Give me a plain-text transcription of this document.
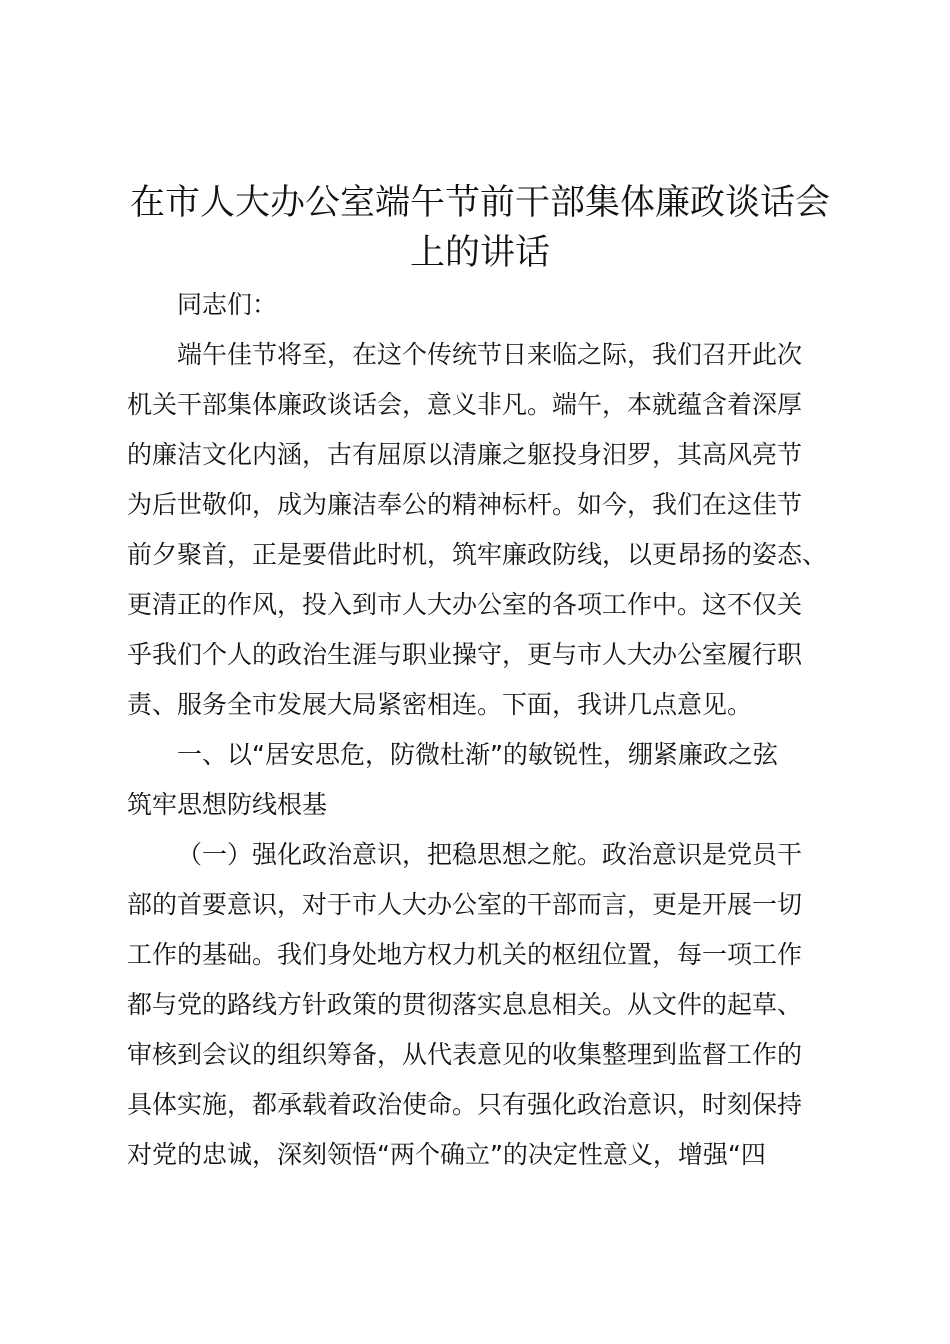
在市人大办公室端午节前干部集体廉政谈话会
上的讲话
同志们：
端午佳节将至，在这个传统节日来临之际，我们召开此次
机关干部集体廉政谈话会，意义非凡。端午，本就蕴含着深厚
的廉洁文化内涵，古有屈原以清廉之躯投身汨罗，其高风亮节
为后世敬仰，成为廉洁奉公的精神标杆。如今，我们在这佳节
前夕聚首，正是要借此时机，筑牢廉政防线，以更昂扬的姿态、
更清正的作风，投入到市人大办公室的各项工作中。这不仅关
乎我们个人的政治生涯与职业操守，更与市人大办公室履行职
责、服务全市发展大局紧密相连。下面，我讲几点意见。
一、以“居安思危，防微杜渐”的敏锐性，绷紧廉政之弦
筑牢思想防线根基
（一）强化政治意识，把稳思想之舵。政治意识是党员干
部的首要意识，对于市人大办公室的干部而言，更是开展一切
工作的基础。我们身处地方权力机关的枢纽位置，每一项工作
都与党的路线方针政策的贯彻落实息息相关。从文件的起草、
审核到会议的组织筹备，从代表意见的收集整理到监督工作的
具体实施，都承载着政治使命。只有强化政治意识，时刻保持
对党的忠诚，深刻领悟“两个确立”的决定性意义，增强“四
